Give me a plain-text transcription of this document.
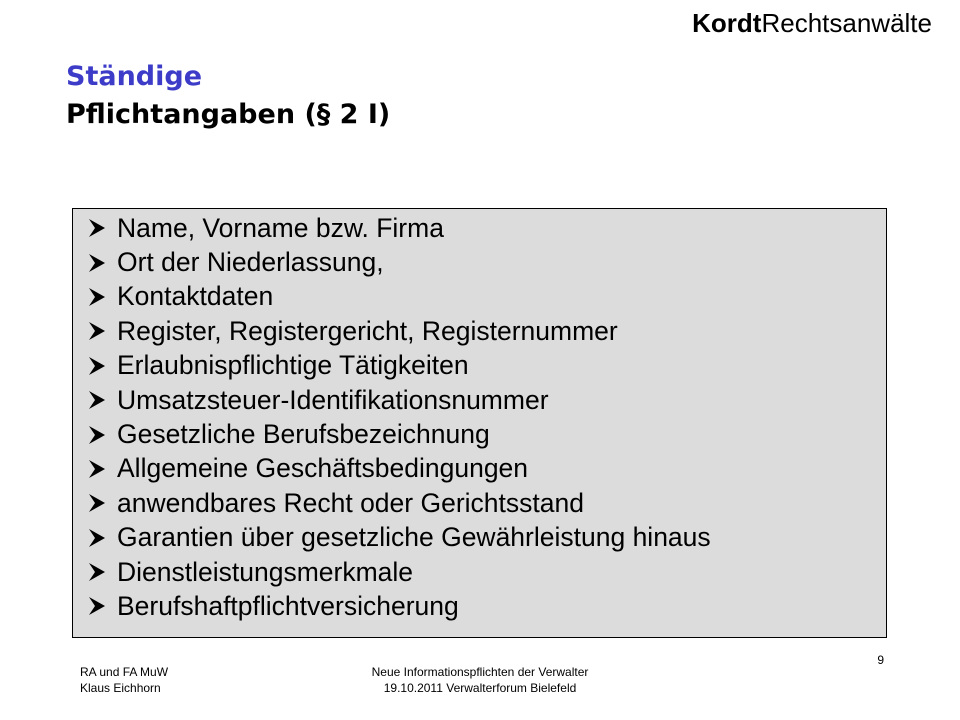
KordtRechtsanwälte
Ständige
Pflichtangaben (§ 2 I)
Name, Vorname bzw. Firma
Ort der Niederlassung,
Kontaktdaten
Register, Registergericht, Registernummer
Erlaubnispflichtige Tätigkeiten
Umsatzsteuer-Identifikationsnummer
Gesetzliche Berufsbezeichnung
Allgemeine Geschäftsbedingungen
anwendbares Recht oder Gerichtsstand
Garantien über gesetzliche Gewährleistung hinaus
Dienstleistungsmerkmale
Berufshaftpflichtversicherung
RA und FA MuW
Klaus Eichhorn
Neue Informationspflichten der Verwalter
19.10.2011 Verwalterforum Bielefeld
9
